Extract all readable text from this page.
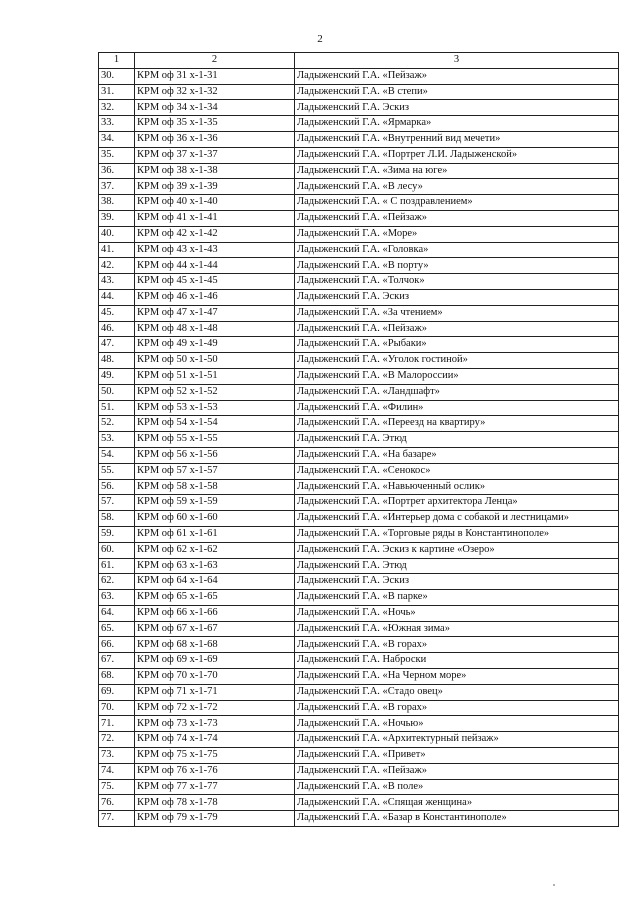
2
1	2	3
30.	КРМ оф 31 х-1-31	Ладыженский Г.А. «Пейзаж»
31.	КРМ оф 32 х-1-32	Ладыженский Г.А. «В степи»
32.	КРМ оф 34 х-1-34	Ладыженский Г.А. Эскиз
33.	КРМ оф 35 х-1-35	Ладыженский Г.А. «Ярмарка»
34.	КРМ оф 36 х-1-36	Ладыженский Г.А. «Внутренний вид мечети»
35.	КРМ оф 37 х-1-37	Ладыженский Г.А. «Портрет Л.И. Ладыженской»
36.	КРМ оф 38 х-1-38	Ладыженский Г.А. «Зима на юге»
37.	КРМ оф 39 х-1-39	Ладыженский Г.А. «В лесу»
38.	КРМ оф 40 х-1-40	Ладыженский Г.А. « С поздравлением»
39.	КРМ оф 41 х-1-41	Ладыженский Г.А. «Пейзаж»
40.	КРМ оф 42 х-1-42	Ладыженский Г.А. «Море»
41.	КРМ оф 43 х-1-43	Ладыженский Г.А. «Головка»
42.	КРМ оф 44 х-1-44	Ладыженский Г.А. «В порту»
43.	КРМ оф 45 х-1-45	Ладыженский Г.А. «Толчок»
44.	КРМ оф 46 х-1-46	Ладыженский Г.А. Эскиз
45.	КРМ оф 47 х-1-47	Ладыженский Г.А. «За чтением»
46.	КРМ оф 48 х-1-48	Ладыженский Г.А. «Пейзаж»
47.	КРМ оф 49 х-1-49	Ладыженский Г.А. «Рыбаки»
48.	КРМ оф 50 х-1-50	Ладыженский Г.А. «Уголок гостиной»
49.	КРМ оф 51 х-1-51	Ладыженский Г.А. «В Малороссии»
50.	КРМ оф 52 х-1-52	Ладыженский Г.А. «Ландшафт»
51.	КРМ оф 53 х-1-53	Ладыженский Г.А. «Филин»
52.	КРМ оф 54 х-1-54	Ладыженский Г.А. «Переезд на квартиру»
53.	КРМ оф 55 х-1-55	Ладыженский Г.А. Этюд
54.	КРМ оф 56 х-1-56	Ладыженский Г.А. «На базаре»
55.	КРМ оф 57 х-1-57	Ладыженский Г.А. «Сенокос»
56.	КРМ оф 58 х-1-58	Ладыженский Г.А. «Навьюченный ослик»
57.	КРМ оф 59 х-1-59	Ладыженский Г.А. «Портрет архитектора Ленца»
58.	КРМ оф 60 х-1-60	Ладыженский Г.А. «Интерьер дома с собакой и лестницами»
59.	КРМ оф 61 х-1-61	Ладыженский Г.А. «Торговые ряды в Константинополе»
60.	КРМ оф 62 х-1-62	Ладыженский Г.А. Эскиз к картине «Озеро»
61.	КРМ оф 63 х-1-63	Ладыженский Г.А. Этюд
62.	КРМ оф 64 х-1-64	Ладыженский Г.А. Эскиз
63.	КРМ оф 65 х-1-65	Ладыженский Г.А. «В парке»
64.	КРМ оф 66 х-1-66	Ладыженский Г.А. «Ночь»
65.	КРМ оф 67 х-1-67	Ладыженский Г.А. «Южная зима»
66.	КРМ оф 68 х-1-68	Ладыженский Г.А. «В горах»
67.	КРМ оф 69 х-1-69	Ладыженский Г.А. Наброски
68.	КРМ оф 70 х-1-70	Ладыженский Г.А. «На Черном море»
69.	КРМ оф 71 х-1-71	Ладыженский Г.А. «Стадо овец»
70.	КРМ оф 72 х-1-72	Ладыженский Г.А. «В горах»
71.	КРМ оф 73 х-1-73	Ладыженский Г.А. «Ночью»
72.	КРМ оф 74 х-1-74	Ладыженский Г.А. «Архитектурный пейзаж»
73.	КРМ оф 75 х-1-75	Ладыженский Г.А. «Привет»
74.	КРМ оф 76 х-1-76	Ладыженский Г.А. «Пейзаж»
75.	КРМ оф 77 х-1-77	Ладыженский Г.А. «В поле»
76.	КРМ оф 78 х-1-78	Ладыженский Г.А. «Спящая женщина»
77.	КРМ оф 79 х-1-79	Ладыженский Г.А. «Базар в Константинополе»
